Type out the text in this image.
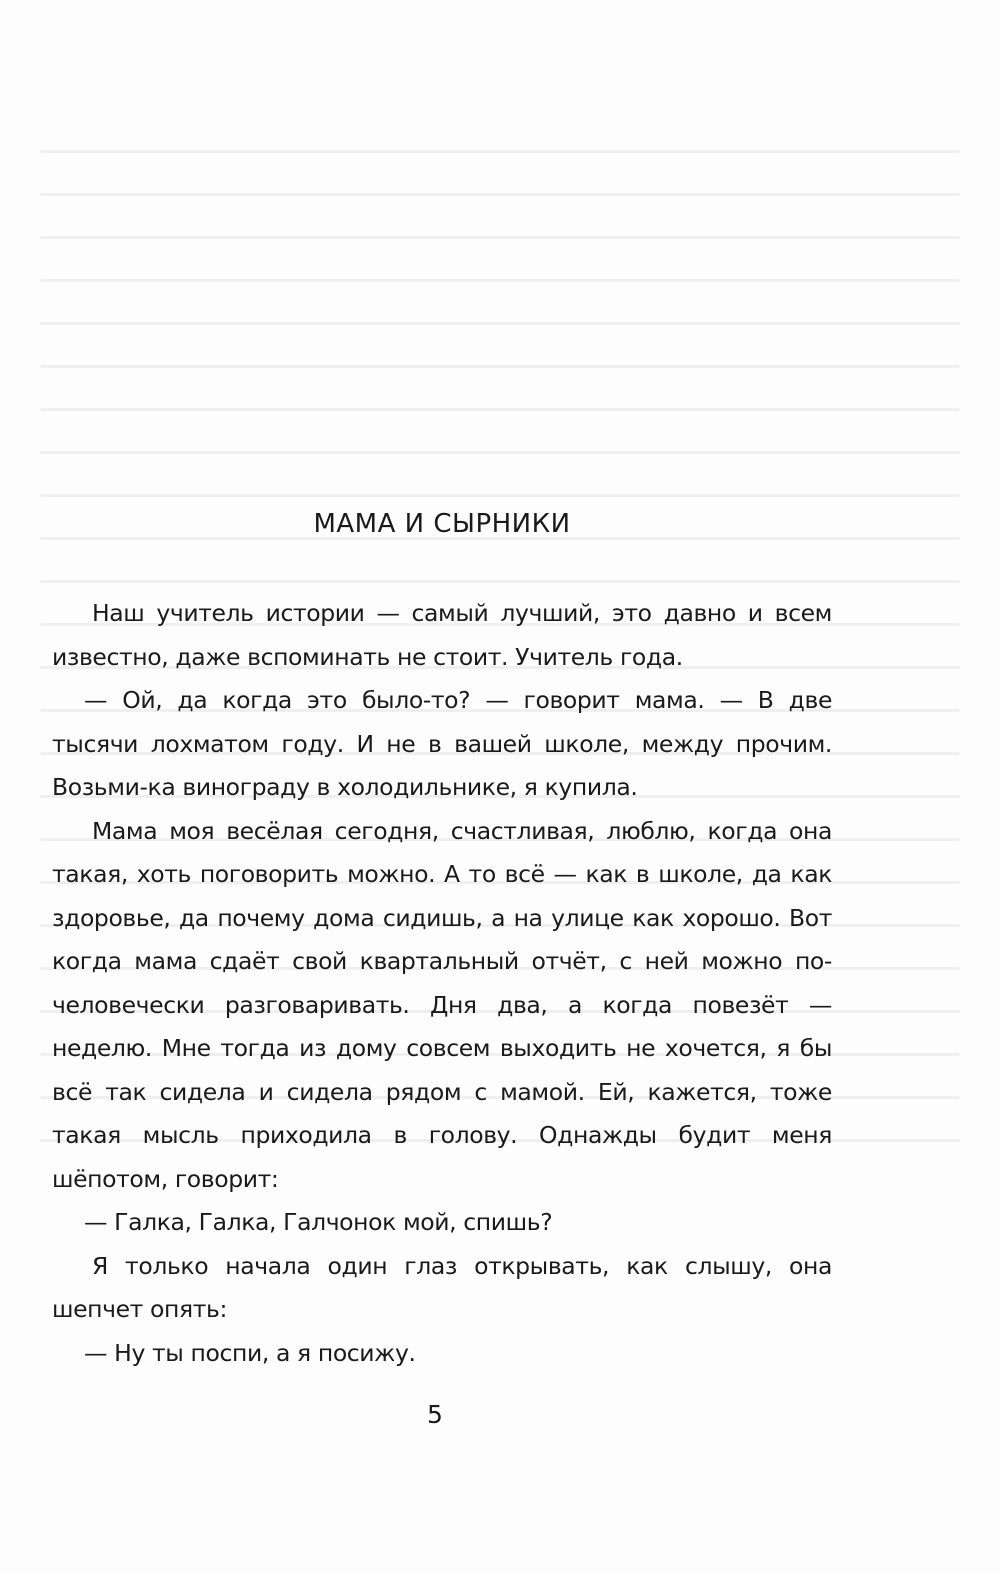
МАМА И СЫРНИКИ

Наш учитель истории — самый лучший, это давно и всем известно, даже вспоминать не стоит. Учитель года.

— Ой, да когда это было-то? — говорит мама. — В две тысячи лохматом году. И не в вашей школе, между прочим. Возьми-ка винограду в холодильнике, я купила.

Мама моя весёлая сегодня, счастливая, люблю, когда она такая, хоть поговорить можно. А то всё — как в школе, да как здоровье, да почему дома сидишь, а на улице как хорошо. Вот когда мама сдаёт свой квартальный отчёт, с ней можно по-человечески разговаривать. Дня два, а когда повезёт — неделю. Мне тогда из дому совсем выходить не хочется, я бы всё так сидела и сидела рядом с мамой. Ей, кажется, тоже такая мысль приходила в голову. Однажды будит меня шёпотом, говорит:

— Галка, Галка, Галчонок мой, спишь?

Я только начала один глаз открывать, как слышу, она шепчет опять:

— Ну ты поспи, а я посижу.

5
